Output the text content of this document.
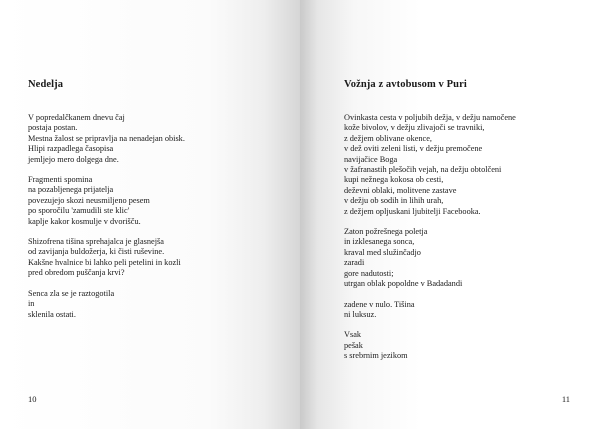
Nedelja
V popredalčkanem dnevu čaj
postaja postan.
Mestna žalost se pripravlja na nenadejan obisk.
Hlipi razpadlega časopisa
jemljejo mero dolgega dne.
Fragmenti spomina
na pozabljenega prijatelja
povezujejo skozi neusmiljeno pesem
po sporočilu 'zamudili ste klic'
kaplje kakor kosmulje v dvorišču.
Shizofrena tišina sprehajalca je glasnejša
od zavijanja buldožerja, ki čisti ruševine.
Kakšne hvalnice bi lahko peli petelini in kozli
pred obredom puščanja krvi?
Senca zla se je raztogotila
in
sklenila ostati.
10
Vožnja z avtobusom v Puri
Ovinkasta cesta v poljubih dežja, v dežju namočene
kože bivolov, v dežju zlivajoči se travniki,
z dežjem oblivane okence,
v dež oviti zeleni listi, v dežju premočene
navijačice Boga
v žafranastih plešočih vejah, na dežju obtolčeni
kupi nežnega kokosa ob cesti,
deževni oblaki, molitvene zastave
v dežju ob sodih in lihih urah,
z dežjem opljuskani ljubitelji Facebooka.
Zaton požrešnega poletja
in izklesanega sonca,
kraval med služinčadjo
zaradi
gore nadutosti;
utrgan oblak popoldne v Badadandi
zadene v nulo. Tišina
ni luksuz.
Vsak
pešak
s srebrnim jezikom
11
